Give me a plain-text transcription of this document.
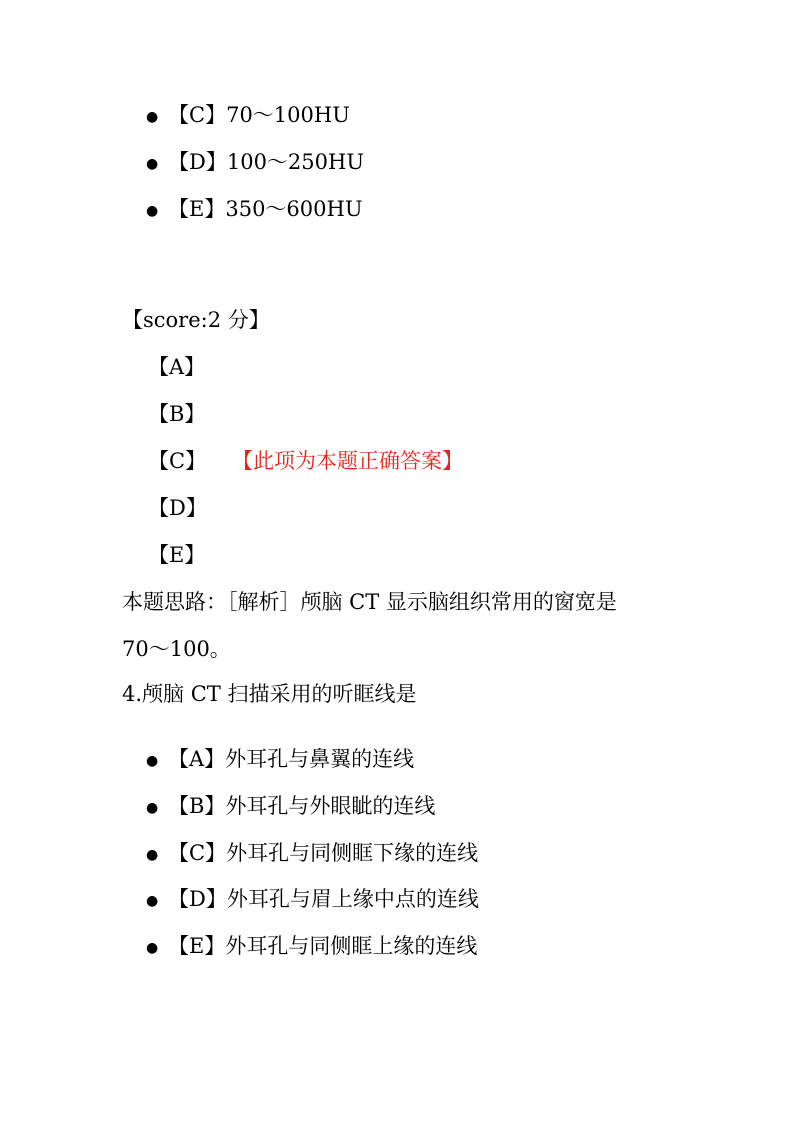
● 【C】70～100HU
● 【D】100～250HU
● 【E】350～600HU
【score:2 分】
【A】
【B】
【C】 【此项为本题正确答案】
【D】
【E】
本题思路：［解析］颅脑 CT 显示脑组织常用的窗宽是
70～100。
4.颅脑 CT 扫描采用的听眶线是
● 【A】外耳孔与鼻翼的连线
● 【B】外耳孔与外眼眦的连线
● 【C】外耳孔与同侧眶下缘的连线
● 【D】外耳孔与眉上缘中点的连线
● 【E】外耳孔与同侧眶上缘的连线
